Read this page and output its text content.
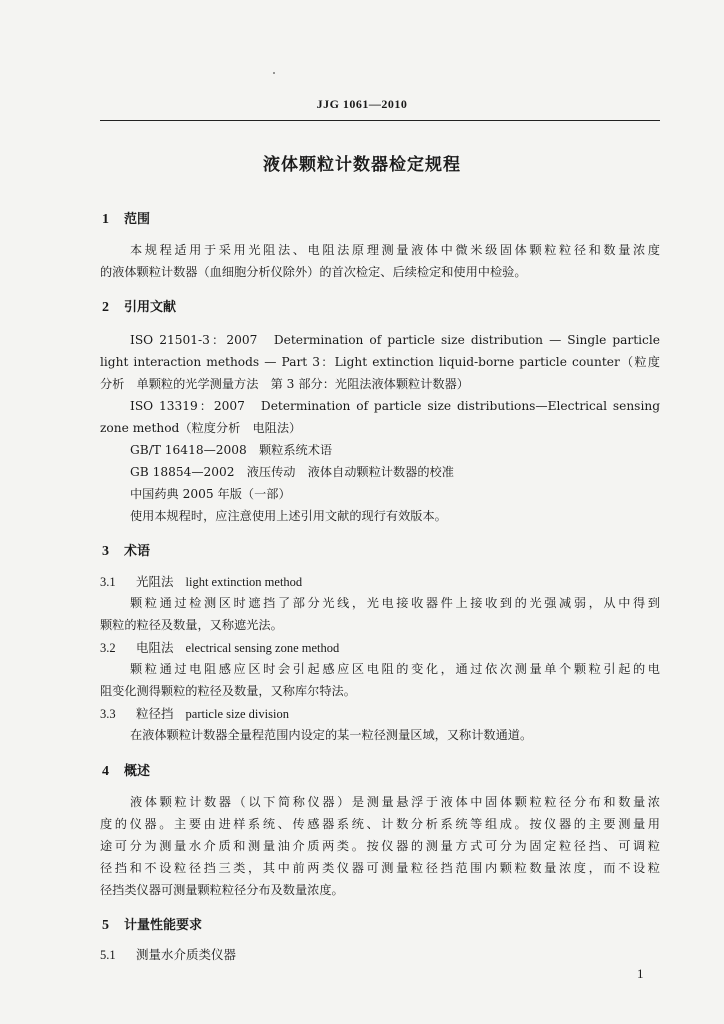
JJG 1061—2010
液体颗粒计数器检定规程
1 范围
本规程适用于采用光阻法、电阻法原理测量液体中微米级固体颗粒粒径和数量浓度
的液体颗粒计数器（血细胞分析仪除外）的首次检定、后续检定和使用中检验。
2 引用文献
ISO 21501-3：2007　Determination of particle size distribution — Single particle
light interaction methods — Part 3：Light extinction liquid-borne particle counter（粒度
分析　单颗粒的光学测量方法　第 3 部分：光阻法液体颗粒计数器）
ISO 13319：2007　Determination of particle size distributions—Electrical sensing
zone method（粒度分析　电阻法）
GB/T 16418—2008　颗粒系统术语
GB 18854—2002　液压传动　液体自动颗粒计数器的校准
中国药典 2005 年版（一部）
使用本规程时，应注意使用上述引用文献的现行有效版本。
3 术语
3.1 光阻法 light extinction method
颗粒通过检测区时遮挡了部分光线，光电接收器件上接收到的光强减弱，从中得到
颗粒的粒径及数量，又称遮光法。
3.2 电阻法 electrical sensing zone method
颗粒通过电阻感应区时会引起感应区电阻的变化，通过依次测量单个颗粒引起的电
阻变化测得颗粒的粒径及数量，又称库尔特法。
3.3 粒径挡 particle size division
在液体颗粒计数器全量程范围内设定的某一粒径测量区域，又称计数通道。
4 概述
液体颗粒计数器（以下简称仪器）是测量悬浮于液体中固体颗粒粒径分布和数量浓
度的仪器。主要由进样系统、传感器系统、计数分析系统等组成。按仪器的主要测量用
途可分为测量水介质和测量油介质两类。按仪器的测量方式可分为固定粒径挡、可调粒
径挡和不设粒径挡三类，其中前两类仪器可测量粒径挡范围内颗粒数量浓度，而不设粒
径挡类仪器可测量颗粒粒径分布及数量浓度。
5 计量性能要求
5.1 测量水介质类仪器
1
